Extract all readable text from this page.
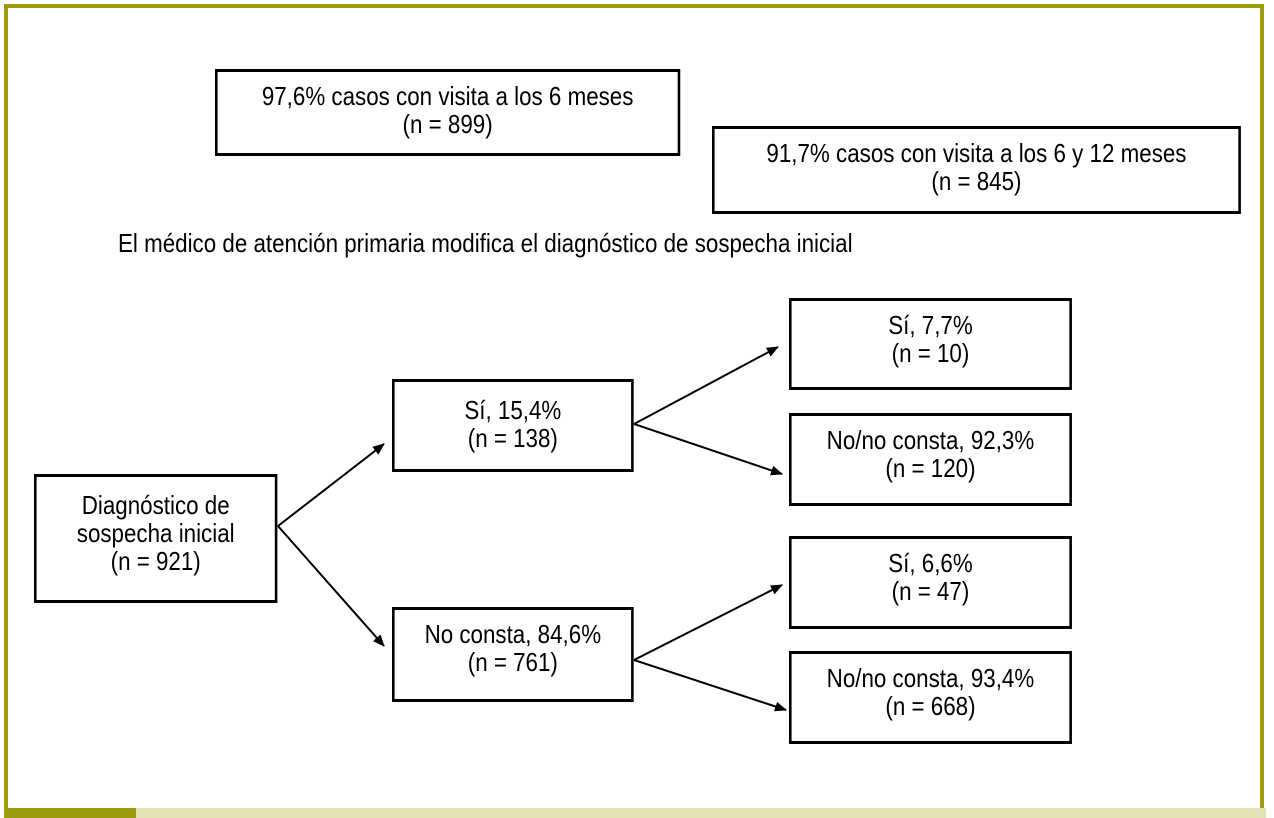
97,6% casos con visita a los 6 meses
(n = 899)
91,7% casos con visita a los 6 y 12 meses
(n = 845)
El médico de atención primaria modifica el diagnóstico de sospecha inicial
Diagnóstico de
sospecha inicial
(n = 921)
Sí, 15,4%
(n = 138)
No consta, 84,6%
(n = 761)
Sí, 7,7%
(n = 10)
No/no consta, 92,3%
(n = 120)
Sí, 6,6%
(n = 47)
No/no consta, 93,4%
(n = 668)
